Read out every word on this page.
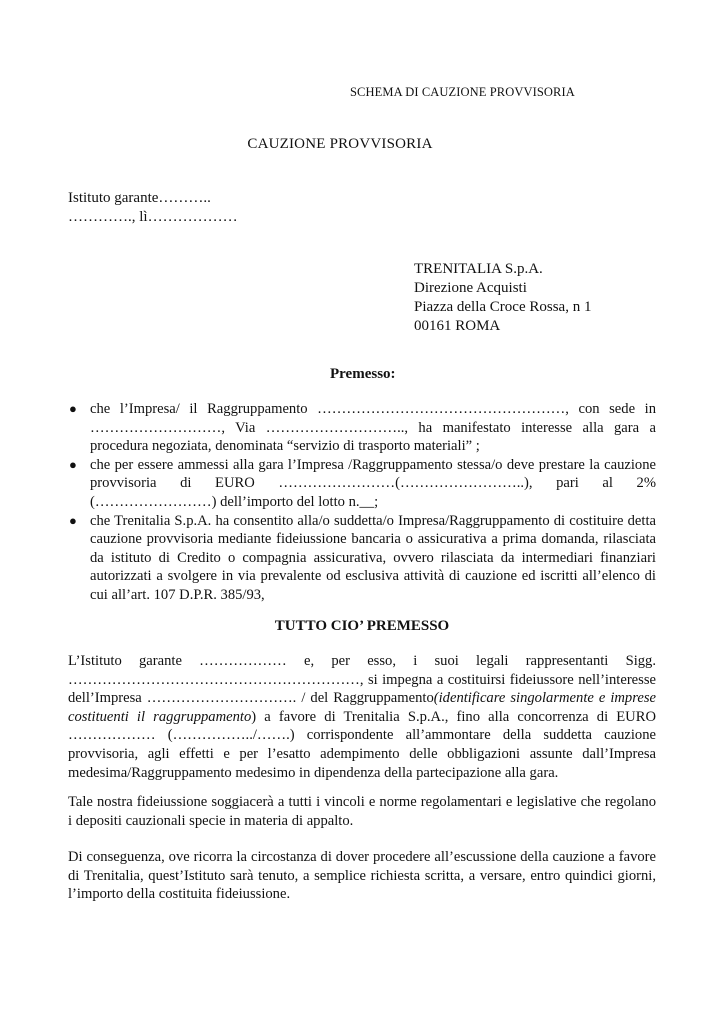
SCHEMA DI CAUZIONE PROVVISORIA
CAUZIONE PROVVISORIA
Istituto garante………..
…………., lì………………
TRENITALIA S.p.A.
Direzione Acquisti
Piazza della Croce Rossa, n 1
00161 ROMA
Premesso:
● che l’Impresa/ il Raggruppamento ……………………………………………, con sede in ………………………, Via ……………………….., ha manifestato interesse alla gara a procedura negoziata, denominata “servizio di trasporto materiali” ;
● che per essere ammessi alla gara l’Impresa /Raggruppamento stessa/o deve prestare la cauzione provvisoria di EURO ……………………(……………………..), pari al 2% (……………………) dell’importo del lotto n.__;
● che Trenitalia S.p.A. ha consentito alla/o suddetta/o Impresa/Raggruppamento di costituire detta cauzione provvisoria mediante fideiussione bancaria o assicurativa a prima domanda, rilasciata da istituto di Credito o compagnia assicurativa, ovvero rilasciata da intermediari finanziari autorizzati a svolgere in via prevalente od esclusiva attività di cauzione ed iscritti all’elenco di cui all’art. 107 D.P.R. 385/93,
TUTTO CIO’ PREMESSO

L’Istituto garante ……………… e, per esso, i suoi legali rappresentanti Sigg. ……………………………………………………, si impegna a costituirsi fideiussore nell’interesse dell’Impresa …………………………. / del Raggruppamento(identificare singolarmente e imprese costituenti il raggruppamento) a favore di Trenitalia S.p.A., fino alla concorrenza di EURO ……………… (……………../…….) corrispondente all’ammontare della suddetta cauzione provvisoria, agli effetti e per l’esatto adempimento delle obbligazioni assunte dall’Impresa medesima/Raggruppamento medesimo in dipendenza della partecipazione alla gara.

Tale nostra fideiussione soggiacerà a tutti i vincoli e norme regolamentari e legislative che regolano i depositi cauzionali specie in materia di appalto.

Di conseguenza, ove ricorra la circostanza di dover procedere all’escussione della cauzione a favore di Trenitalia, quest’Istituto sarà tenuto, a semplice richiesta scritta, a versare, entro quindici giorni, l’importo della costituita fideiussione.
